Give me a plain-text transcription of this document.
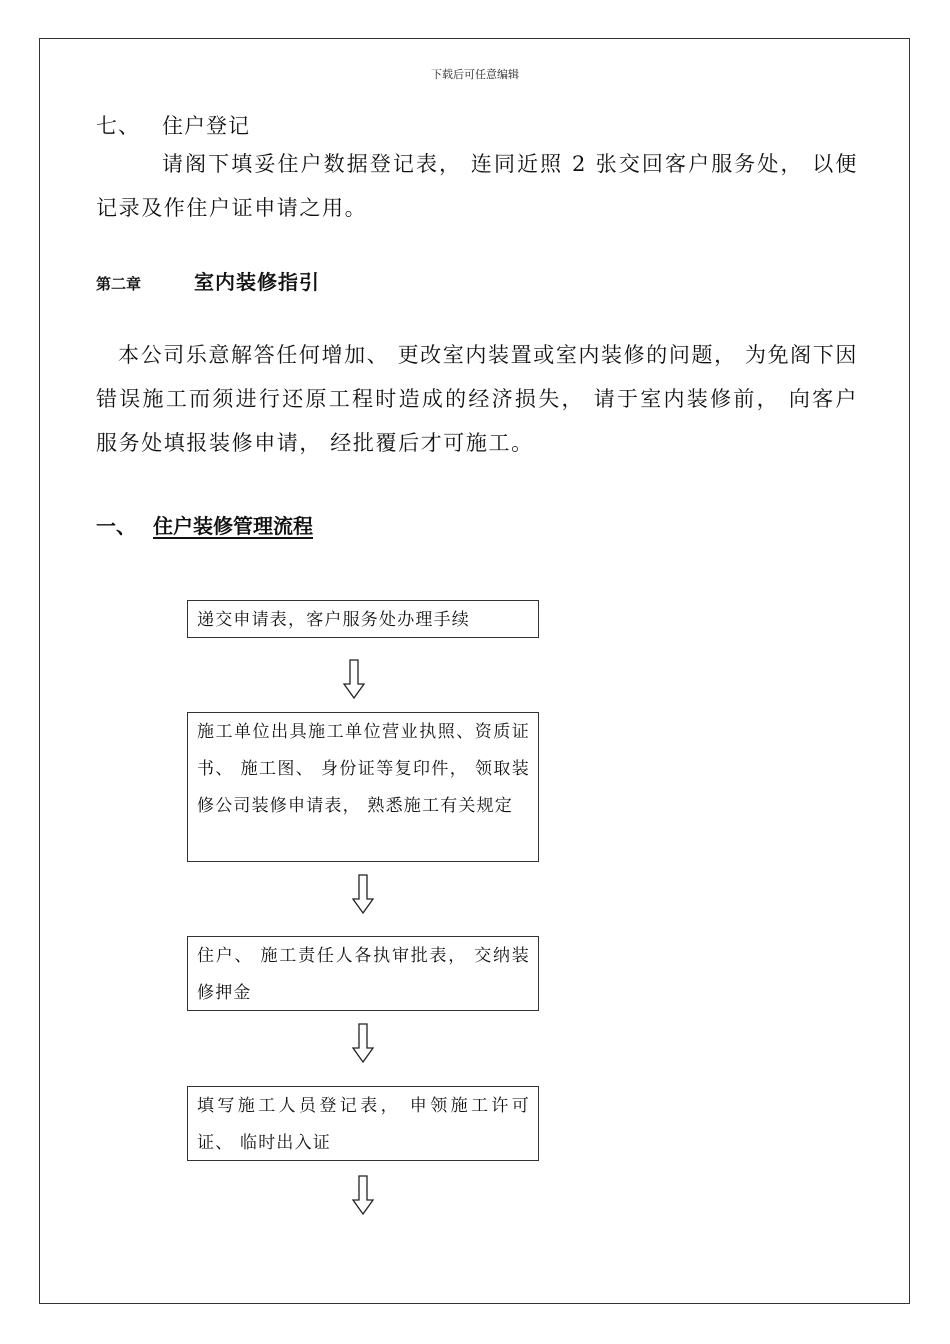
下载后可任意编辑
七、 住户登记
请阁下填妥住户数据登记表， 连同近照 2 张交回客户服务处， 以便记录及作住户证申请之用。
第二章	室内装修指引
本公司乐意解答任何增加、 更改室内装置或室内装修的问题， 为免阁下因错误施工而须进行还原工程时造成的经济损失， 请于室内装修前， 向客户服务处填报装修申请， 经批覆后才可施工。
一、 住户装修管理流程
递交申请表，客户服务处办理手续
施工单位出具施工单位营业执照、资质证书、 施工图、 身份证等复印件， 领取装修公司装修申请表， 熟悉施工有关规定
住户、 施工责任人各执审批表， 交纳装修押金
填写施工人员登记表， 申领施工许可证、 临时出入证
